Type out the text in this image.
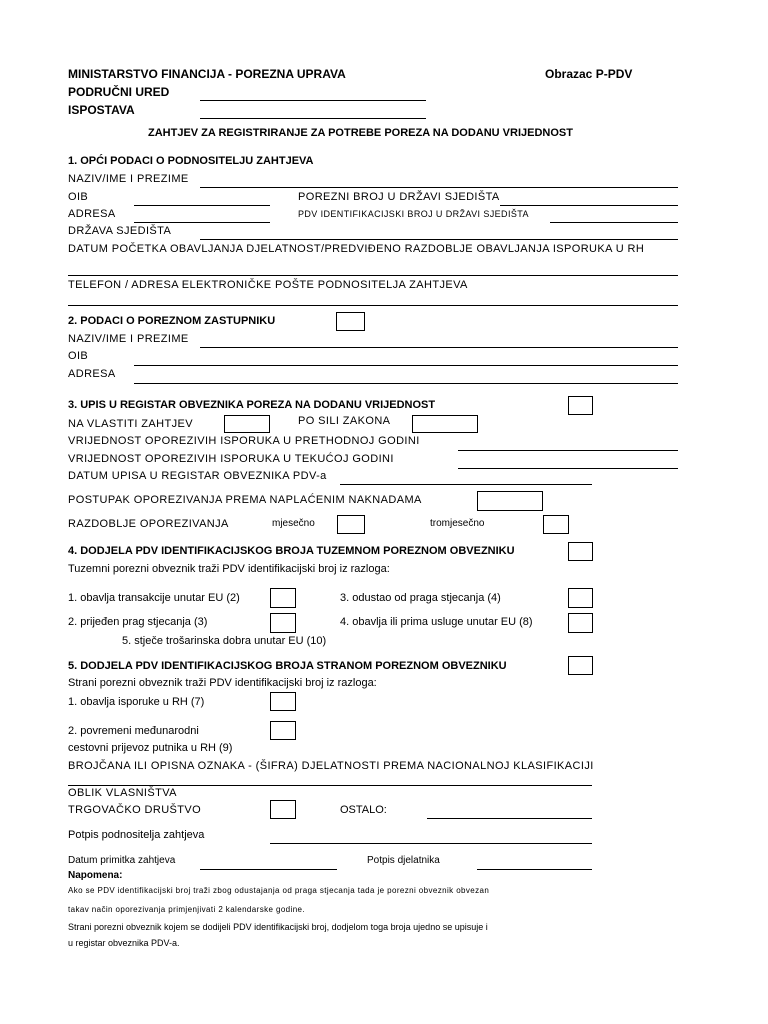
MINISTARSTVO FINANCIJA - POREZNA UPRAVA	Obrazac P-PDV
PODRUČNI URED
ISPOSTAVA
ZAHTJEV ZA REGISTRIRANJE ZA POTREBE POREZA NA DODANU VRIJEDNOST
1. OPĆI PODACI O PODNOSITELJU ZAHTJEVA
NAZIV/IME I PREZIME
OIB	POREZNI BROJ U DRŽAVI SJEDIŠTA
ADRESA	PDV IDENTIFIKACIJSKI BROJ U DRŽAVI SJEDIŠTA
DRŽAVA SJEDIŠTA
DATUM POČETKA OBAVLJANJA DJELATNOST/PREDVIĐENO RAZDOBLJE OBAVLJANJA ISPORUKA U RH
TELEFON / ADRESA ELEKTRONIČKE POŠTE PODNOSITELJA ZAHTJEVA
2. PODACI O POREZNOM ZASTUPNIKU
NAZIV/IME I PREZIME
OIB
ADRESA
3. UPIS U REGISTAR OBVEZNIKA POREZA NA DODANU VRIJEDNOST
NA VLASTITI ZAHTJEV	PO SILI ZAKONA
VRIJEDNOST OPOREZIVIH ISPORUKA U PRETHODNOJ GODINI
VRIJEDNOST OPOREZIVIH ISPORUKA U TEKUĆOJ GODINI
DATUM UPISA U REGISTAR OBVEZNIKA PDV-a
POSTUPAK OPOREZIVANJA PREMA NAPLAĆENIM NAKNADAMA
RAZDOBLJE OPOREZIVANJA	mjesečno	tromjesečno
4. DODJELA PDV IDENTIFIKACIJSKOG BROJA TUZEMNOM POREZNOM OBVEZNIKU
Tuzemni porezni obveznik traži PDV identifikacijski broj iz razloga:
1. obavlja transakcije unutar EU (2)	3. odustao od praga stjecanja (4)
2. prijeđen prag stjecanja (3)	4. obavlja ili prima usluge unutar EU (8)
5. stječe trošarinska dobra unutar EU (10)
5. DODJELA PDV IDENTIFIKACIJSKOG BROJA STRANOM POREZNOM OBVEZNIKU
Strani porezni obveznik traži PDV identifikacijski broj iz razloga:
1. obavlja isporuke u RH (7)
2. povremeni međunarodni
cestovni prijevoz putnika u RH (9)
BROJČANA ILI OPISNA OZNAKA - (ŠIFRA) DJELATNOSTI PREMA NACIONALNOJ KLASIFIKACIJI
OBLIK VLASNIŠTVA
TRGOVAČKO DRUŠTVO	OSTALO:
Potpis podnositelja zahtjeva
Datum primitka zahtjeva	Potpis djelatnika
Napomena:
Ako se PDV identifikacijski broj traži zbog odustajanja od praga stjecanja tada je porezni obveznik obvezan
takav način oporezivanja primjenjivati 2 kalendarske godine.
Strani porezni obveznik kojem se dodijeli PDV identifikacijski broj, dodjelom toga broja ujedno se upisuje i
u registar obveznika PDV-a.
